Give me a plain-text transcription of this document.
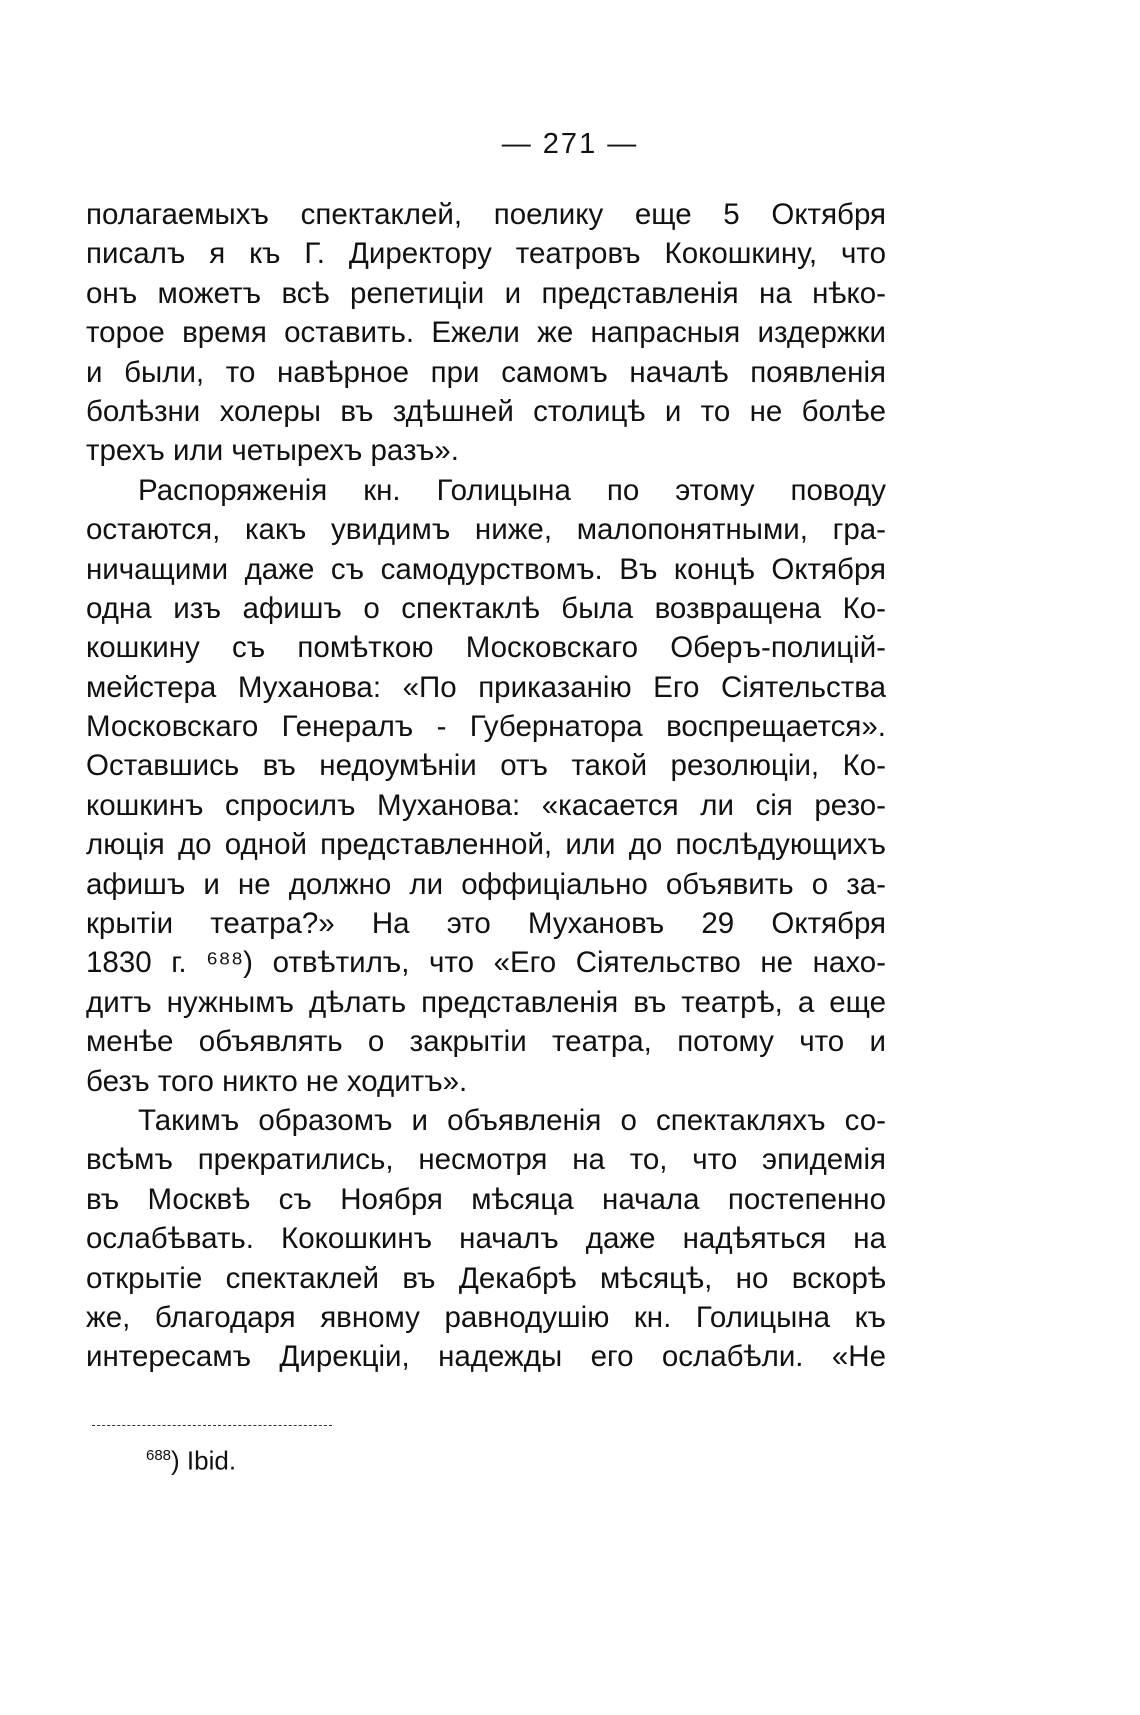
— 271 —
полагаемыхъ спектаклей, поелику еще 5 Октября
писалъ я къ Г. Директору театровъ Кокошкину, что
онъ можетъ всѣ репетиціи и представленія на нѣко-
торое время оставить. Ежели же напрасныя издержки
и были, то навѣрное при самомъ началѣ появленія
болѣзни холеры въ здѣшней столицѣ и то не болѣе
трехъ или четырехъ разъ».
Распоряженія кн. Голицына по этому поводу
остаются, какъ увидимъ ниже, малопонятными, гра-
ничащими даже съ самодурствомъ. Въ концѣ Октября
одна изъ афишъ о спектаклѣ была возвращена Ко-
кошкину съ помѣткою Московскаго Оберъ-полицій-
мейстера Муханова: «По приказанію Его Сіятельства
Московскаго Генералъ - Губернатора воспрещается».
Оставшись въ недоумѣніи отъ такой резолюціи, Ко-
кошкинъ спросилъ Муханова: «касается ли сія резо-
люція до одной представленной, или до послѣдующихъ
афишъ и не должно ли оффиціально объявить о за-
крытіи театра?» На это Мухановъ 29 Октября
1830 г. ⁶⁸⁸) отвѣтилъ, что «Его Сіятельство не нахо-
дитъ нужнымъ дѣлать представленія въ театрѣ, а еще
менѣе объявлять о закрытіи театра, потому что и
безъ того никто не ходитъ».
Такимъ образомъ и объявленія о спектакляхъ со-
всѣмъ прекратились, несмотря на то, что эпидемія
въ Москвѣ съ Ноября мѣсяца начала постепенно
ослабѣвать. Кокошкинъ началъ даже надѣяться на
открытіе спектаклей въ Декабрѣ мѣсяцѣ, но вскорѣ
же, благодаря явному равнодушію кн. Голицына къ
интересамъ Дирекціи, надежды его ослабѣли. «Не
$^{688}$) Ibid.
